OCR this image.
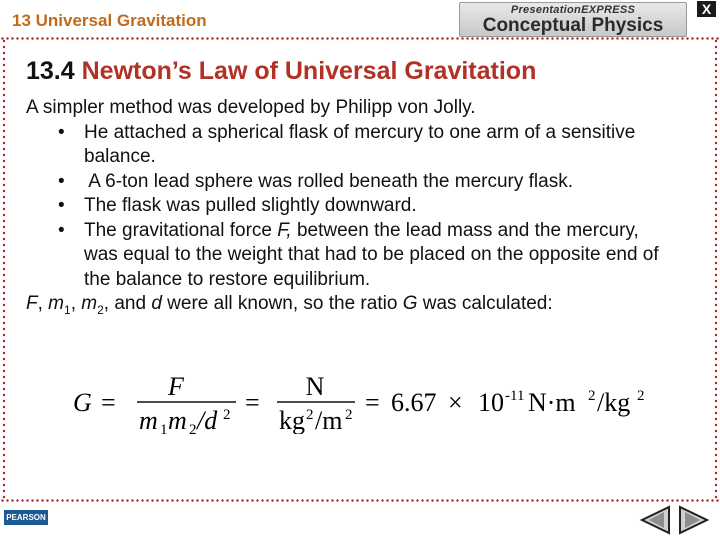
13 Universal Gravitation
PresentationEXPRESS
Conceptual Physics
X
13.4 Newton’s Law of Universal Gravitation

A simpler method was developed by Philipp von Jolly.

• He attached a spherical flask of mercury to one arm of a sensitive
balance.
• A 6-ton lead sphere was rolled beneath the mercury flask.
• The flask was pulled slightly downward.
• The gravitational force F, between the lead mass and the mercury,
was equal to the weight that had to be placed on the opposite end of
the balance to restore equilibrium.

F, $m_1$, $m_2$, and d were all known, so the ratio G was calculated:

G =
F
m 1 m 2 /d 2 =
N
kg 2 /m 2 = 6.67 × 10 -11 N·m 2 /kg 2
PEARSON
